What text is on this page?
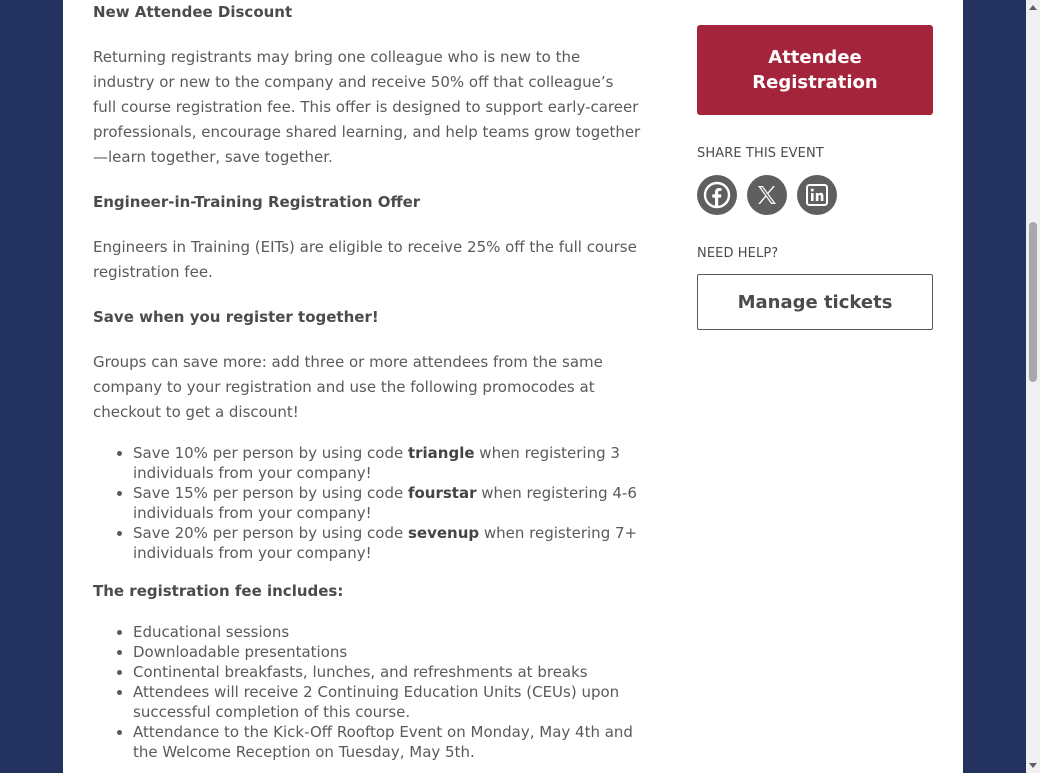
New Attendee Discount

Returning registrants may bring one colleague who is new to the industry or new to the company and receive 50% off that colleague’s full course registration fee. This offer is designed to support early-career professionals, encourage shared learning, and help teams grow together—learn together, save together.

Engineer-in-Training Registration Offer

Engineers in Training (EITs) are eligible to receive 25% off the full course registration fee.

Save when you register together!

Groups can save more: add three or more attendees from the same company to your registration and use the following promocodes at checkout to get a discount!

• Save 10% per person by using code triangle when registering 3 individuals from your company!
• Save 15% per person by using code fourstar when registering 4-6 individuals from your company!
• Save 20% per person by using code sevenup when registering 7+ individuals from your company!

The registration fee includes:

• Educational sessions
• Downloadable presentations
• Continental breakfasts, lunches, and refreshments at breaks
• Attendees will receive 2 Continuing Education Units (CEUs) upon successful completion of this course.
• Attendance to the Kick-Off Rooftop Event on Monday, May 4th and the Welcome Reception on Tuesday, May 5th.
Attendee Registration

SHARE THIS EVENT

NEED HELP?

Manage tickets
